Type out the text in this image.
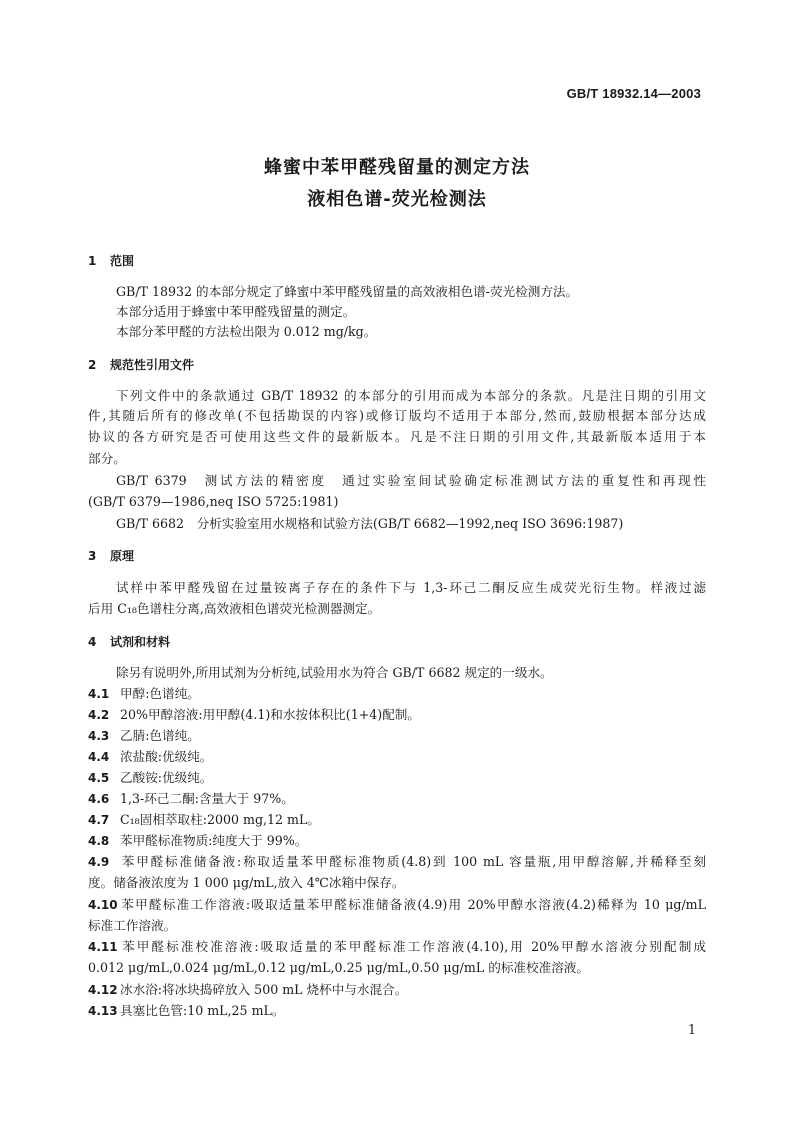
GB/T 18932.14—2003
蜂蜜中苯甲醛残留量的测定方法
液相色谱-荧光检测法
1 范围
GB/T 18932 的本部分规定了蜂蜜中苯甲醛残留量的高效液相色谱-荧光检测方法。
本部分适用于蜂蜜中苯甲醛残留量的测定。
本部分苯甲醛的方法检出限为 0.012 mg/kg。
2 规范性引用文件
下列文件中的条款通过 GB/T 18932 的本部分的引用而成为本部分的条款。凡是注日期的引用文
件,其随后所有的修改单(不包括勘误的内容)或修订版均不适用于本部分,然而,鼓励根据本部分达成
协议的各方研究是否可使用这些文件的最新版本。凡是不注日期的引用文件,其最新版本适用于本
部分。
GB/T 6379　测试方法的精密度　通过实验室间试验确定标准测试方法的重复性和再现性
(GB/T 6379—1986,neq ISO 5725:1981)
GB/T 6682　分析实验室用水规格和试验方法(GB/T 6682—1992,neq ISO 3696:1987)
3 原理
试样中苯甲醛残留在过量铵离子存在的条件下与 1,3-环己二酮反应生成荧光衍生物。样液过滤
后用 C₁₈色谱柱分离,高效液相色谱荧光检测器测定。
4 试剂和材料
除另有说明外,所用试剂为分析纯,试验用水为符合 GB/T 6682 规定的一级水。
4.1 甲醇:色谱纯。
4.2 20%甲醇溶液:用甲醇(4.1)和水按体积比(1+4)配制。
4.3 乙腈:色谱纯。
4.4 浓盐酸:优级纯。
4.5 乙酸铵:优级纯。
4.6 1,3-环己二酮:含量大于 97%。
4.7 C₁₈固相萃取柱:2000 mg,12 mL。
4.8 苯甲醛标准物质:纯度大于 99%。
4.9 苯甲醛标准储备液:称取适量苯甲醛标准物质(4.8)到 100 mL 容量瓶,用甲醇溶解,并稀释至刻
度。储备液浓度为 1 000 μg/mL,放入 4℃冰箱中保存。
4.10 苯甲醛标准工作溶液:吸取适量苯甲醛标准储备液(4.9)用 20%甲醇水溶液(4.2)稀释为 10 μg/mL
标准工作溶液。
4.11 苯甲醛标准校准溶液:吸取适量的苯甲醛标准工作溶液(4.10),用 20%甲醇水溶液分别配制成
0.012 μg/mL,0.024 μg/mL,0.12 μg/mL,0.25 μg/mL,0.50 μg/mL 的标准校准溶液。
4.12 冰水浴:将冰块捣碎放入 500 mL 烧杯中与水混合。
4.13 具塞比色管:10 mL,25 mL。
1
